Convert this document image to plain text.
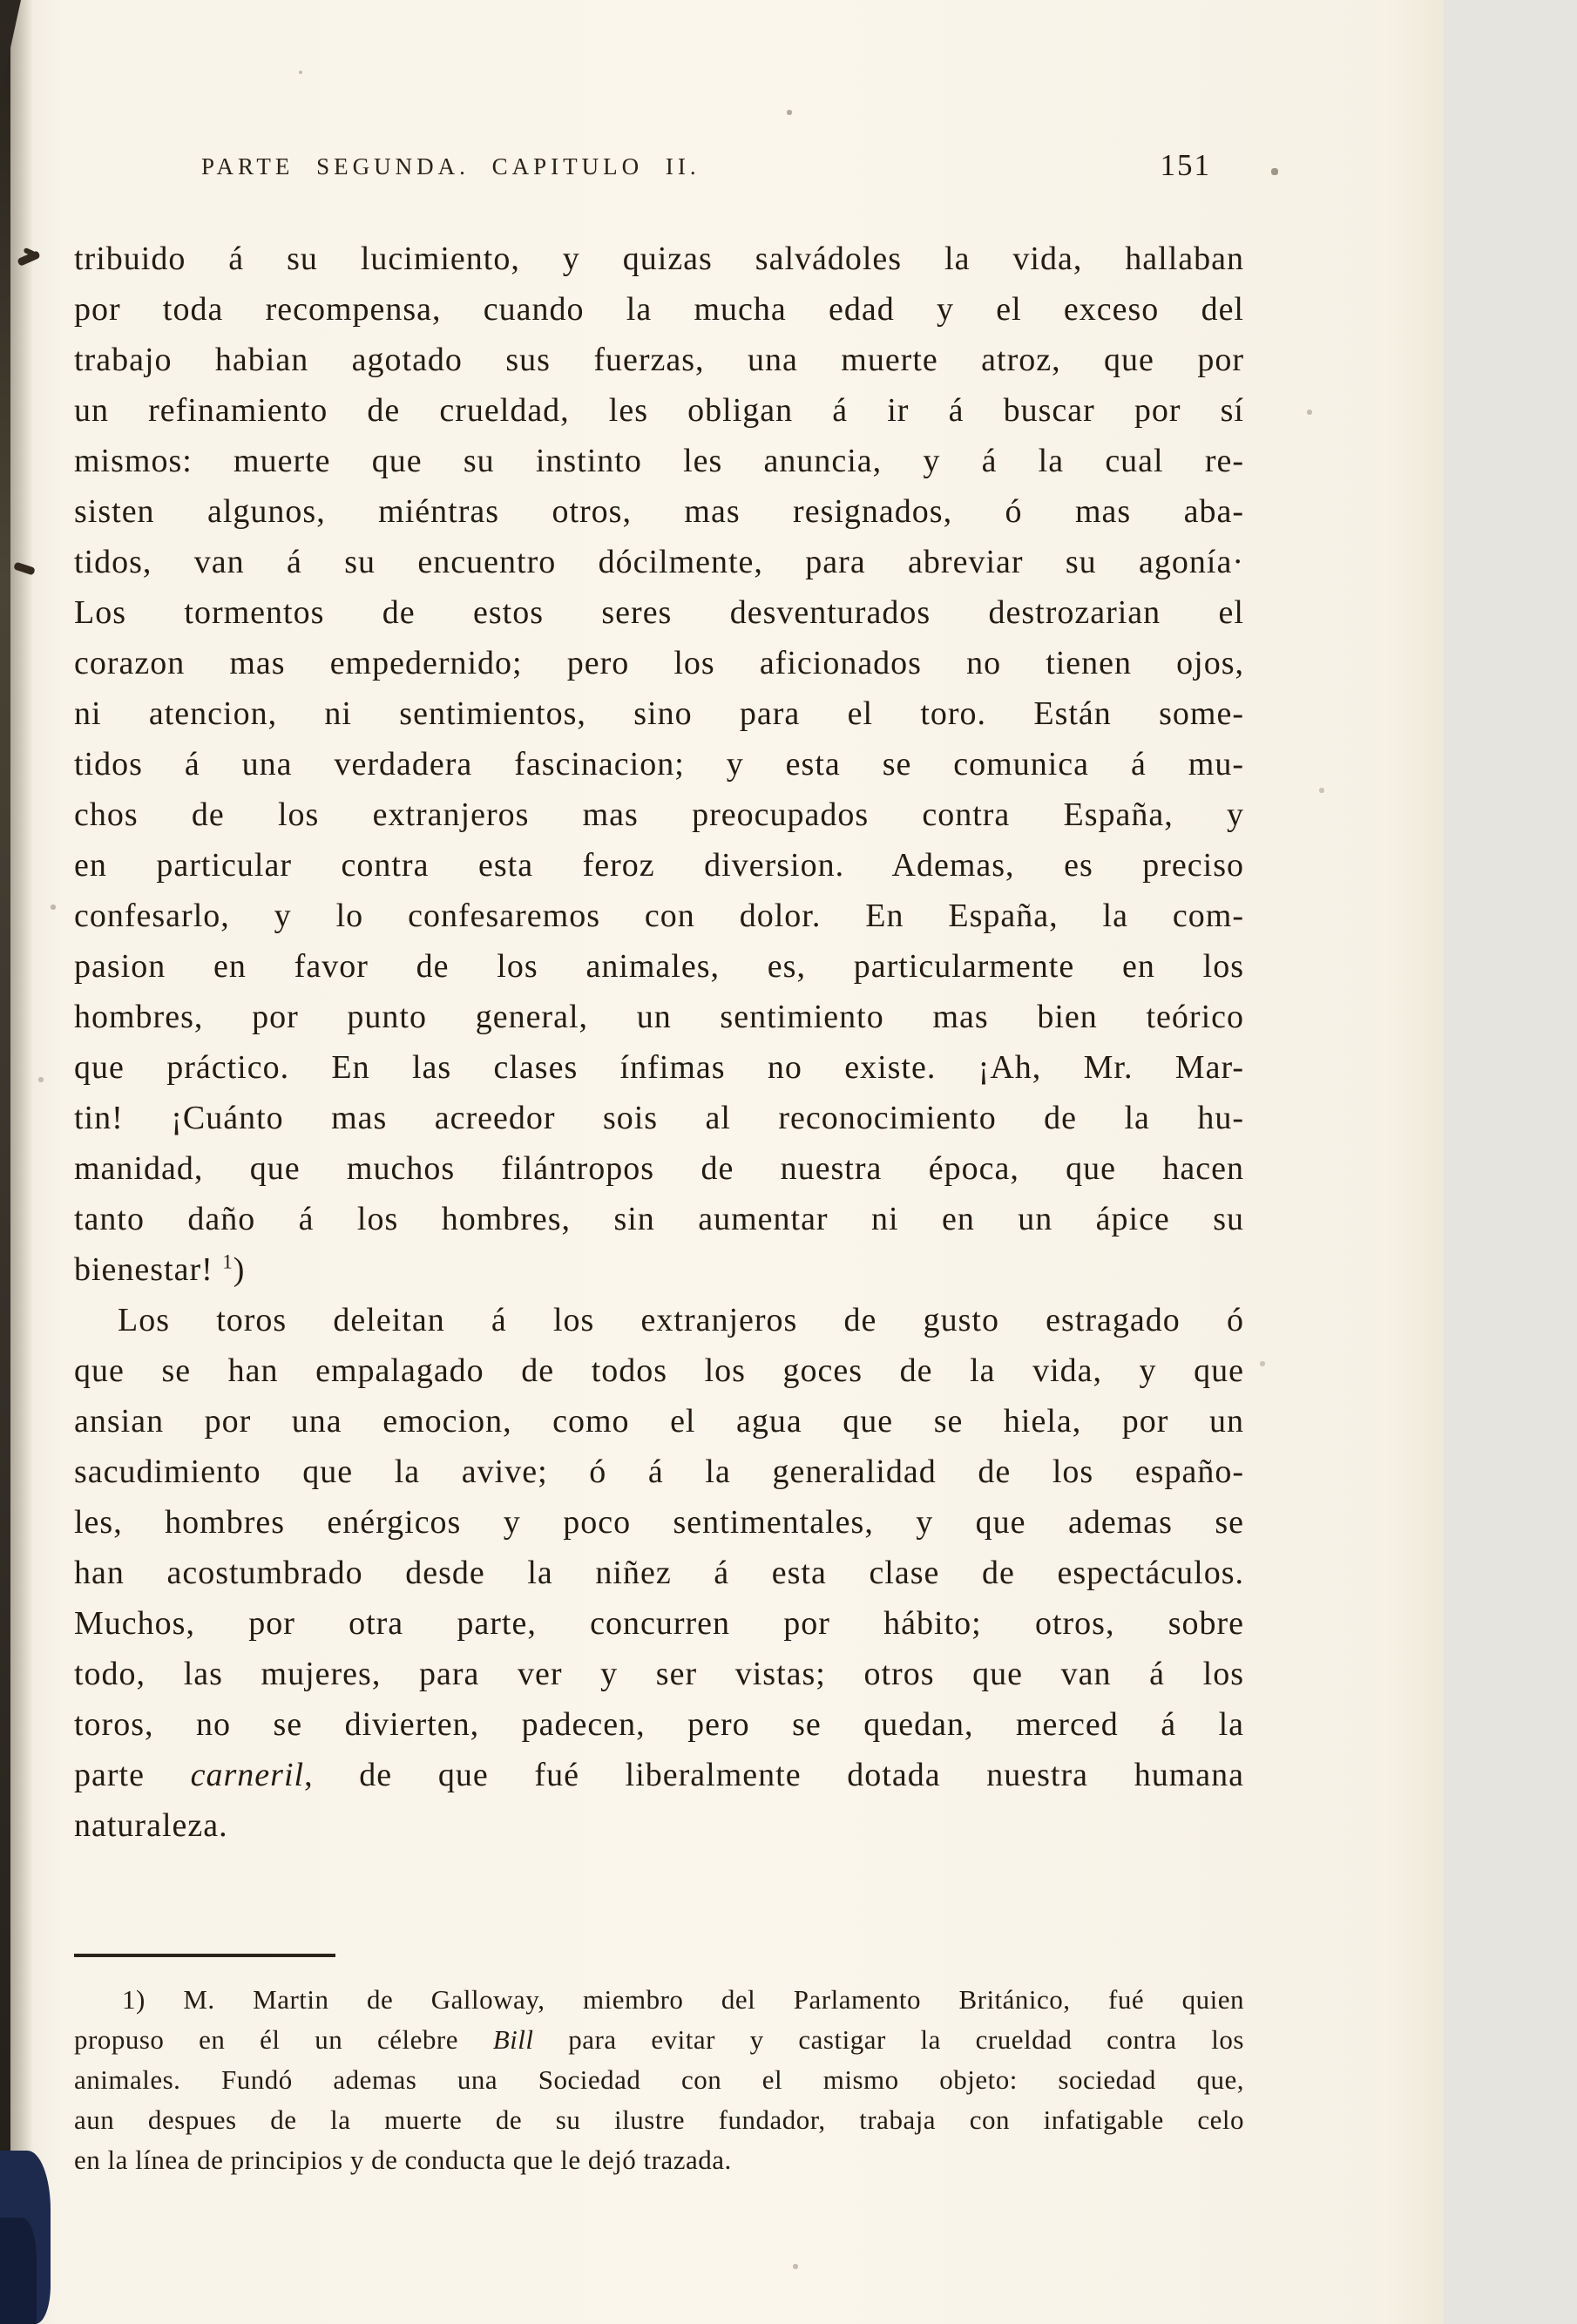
PARTE SEGUNDA. CAPITULO II.	151
tribuido á su lucimiento, y quizas salvádoles la vida, hallaban
por toda recompensa, cuando la mucha edad y el exceso del
trabajo habian agotado sus fuerzas, una muerte atroz, que por
un refinamiento de crueldad, les obligan á ir á buscar por sí
mismos: muerte que su instinto les anuncia, y á la cual re-
sisten algunos, miéntras otros, mas resignados, ó mas aba-
tidos, van á su encuentro dócilmente, para abreviar su agonía·
Los tormentos de estos seres desventurados destrozarian el
corazon mas empedernido; pero los aficionados no tienen ojos,
ni atencion, ni sentimientos, sino para el toro. Están some-
tidos á una verdadera fascinacion; y esta se comunica á mu-
chos de los extranjeros mas preocupados contra España, y
en particular contra esta feroz diversion. Ademas, es preciso
confesarlo, y lo confesaremos con dolor. En España, la com-
pasion en favor de los animales, es, particularmente en los
hombres, por punto general, un sentimiento mas bien teórico
que práctico. En las clases ínfimas no existe. ¡Ah, Mr. Mar-
tin! ¡Cuánto mas acreedor sois al reconocimiento de la hu-
manidad, que muchos filántropos de nuestra época, que hacen
tanto daño á los hombres, sin aumentar ni en un ápice su
bienestar! $^1$)
Los toros deleitan á los extranjeros de gusto estragado ó
que se han empalagado de todos los goces de la vida, y que
ansian por una emocion, como el agua que se hiela, por un
sacudimiento que la avive; ó á la generalidad de los españo-
les, hombres enérgicos y poco sentimentales, y que ademas se
han acostumbrado desde la niñez á esta clase de espectáculos.
Muchos, por otra parte, concurren por hábito; otros, sobre
todo, las mujeres, para ver y ser vistas; otros que van á los
toros, no se divierten, padecen, pero se quedan, merced á la
parte carneril, de que fué liberalmente dotada nuestra humana
naturaleza.
1) M. Martin de Galloway, miembro del Parlamento Británico, fué quien
propuso en él un célebre Bill para evitar y castigar la crueldad contra los
animales. Fundó ademas una Sociedad con el mismo objeto: sociedad que,
aun despues de la muerte de su ilustre fundador, trabaja con infatigable celo
en la línea de principios y de conducta que le dejó trazada.
